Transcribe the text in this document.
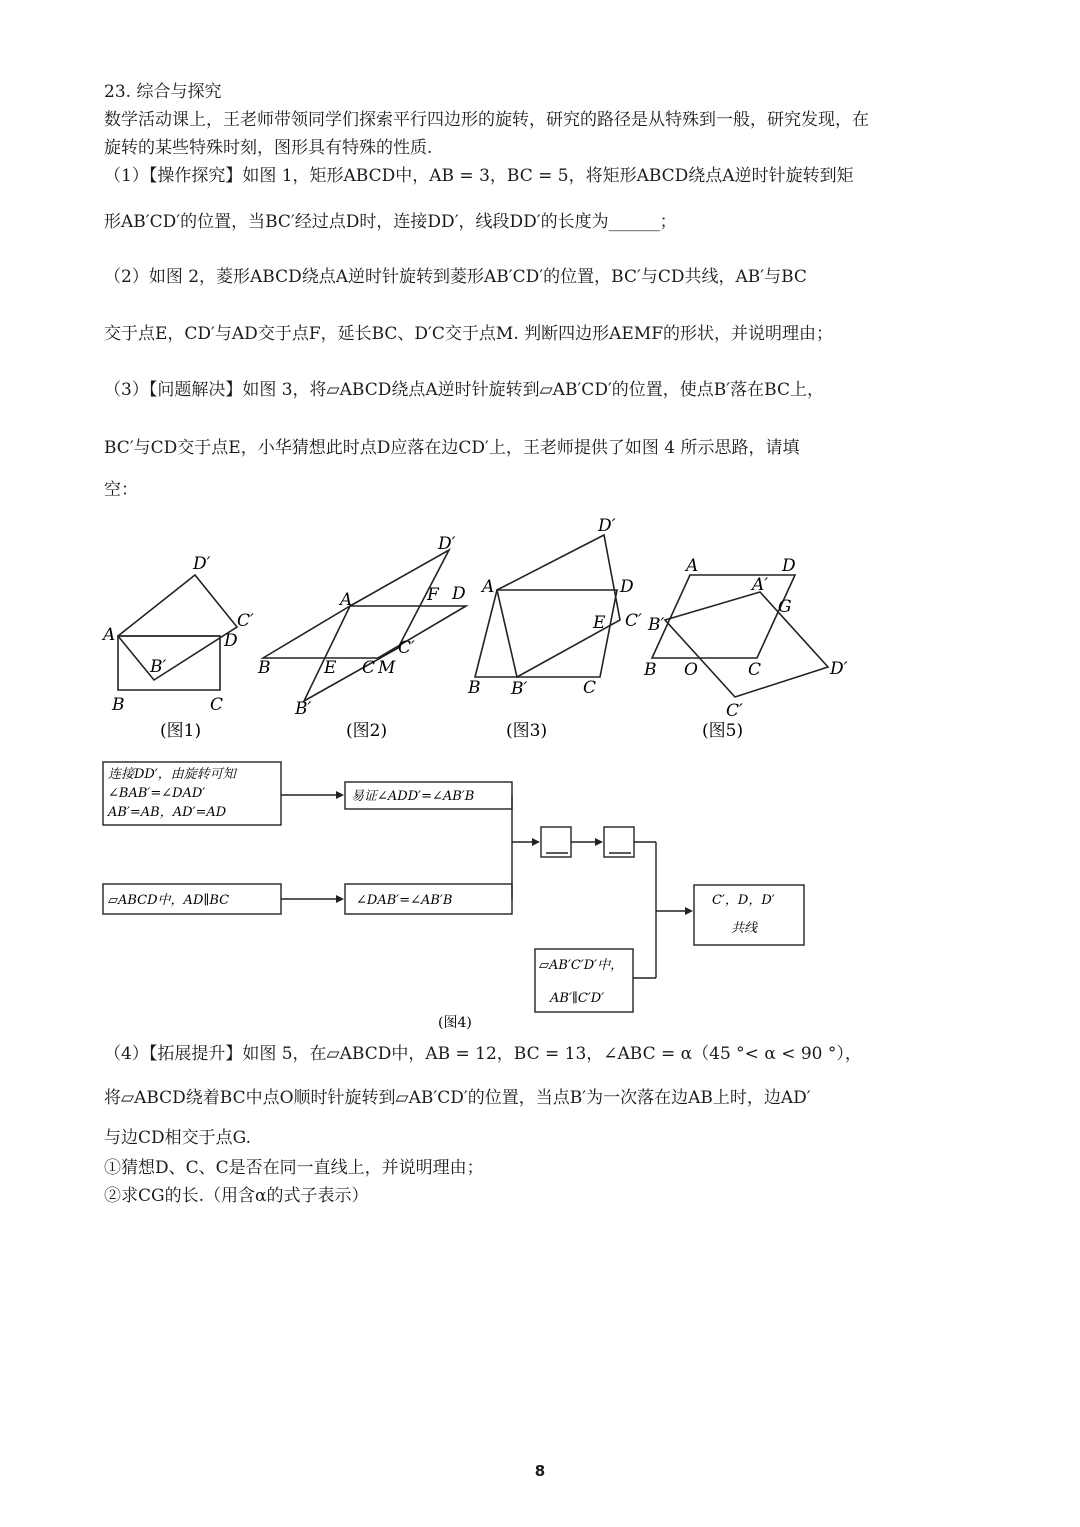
23. 综合与探究
数学活动课上，王老师带领同学们探索平行四边形的旋转，研究的路径是从特殊到一般，研究发现，在
旋转的某些特殊时刻，图形具有特殊的性质.
（1）【操作探究】如图 1，矩形ABCD中，AB = 3，BC = 5，将矩形ABCD绕点A逆时针旋转到矩
形AB′CD′的位置，当BC′经过点D时，连接DD′，线段DD′的长度为______；
（2）如图 2，菱形ABCD绕点A逆时针旋转到菱形AB′CD′的位置，BC′与CD共线，AB′与BC
交于点E，CD′与AD交于点F，延长BC、D′C交于点M. 判断四边形AEMF的形状，并说明理由；
（3）【问题解决】如图 3，将▱ABCD绕点A逆时针旋转到▱AB′CD′的位置，使点B′落在BC上，
BC′与CD交于点E，小华猜想此时点D应落在边CD′上，王老师提供了如图 4 所示思路，请填
空：
（4）【拓展提升】如图 5，在▱ABCD中，AB = 12，BC = 13，∠ABC = α（45 °< α < 90 °），
将▱ABCD绕着BC中点O顺时针旋转到▱AB′CD′的位置，当点B′为一次落在边AB上时，边AD′
与边CD相交于点G.
①猜想D、C、C是否在同一直线上，并说明理由；
②求CG的长.（用含α的式子表示）
A
B	C
D
B′
C′
D′
(图1)
A
B	C
D
E
F
M
B′
C′
D′
(图2)
A
B	C
D
E
B′
C′
D′
(图3)
A
B	C
D
O
G
A′
B′
C′
D′
(图5)
连接DD′，由旋转可知
∠BAB′=∠DAD′
AB′=AB，AD′=AD
易证∠ADD′=∠AB′B
▱ABCD中，AD∥BC	∠DAB′=∠AB′B
▱AB′C′D′中，
AB′∥C′D′
C′，D，D′
共线
(图4)
8
